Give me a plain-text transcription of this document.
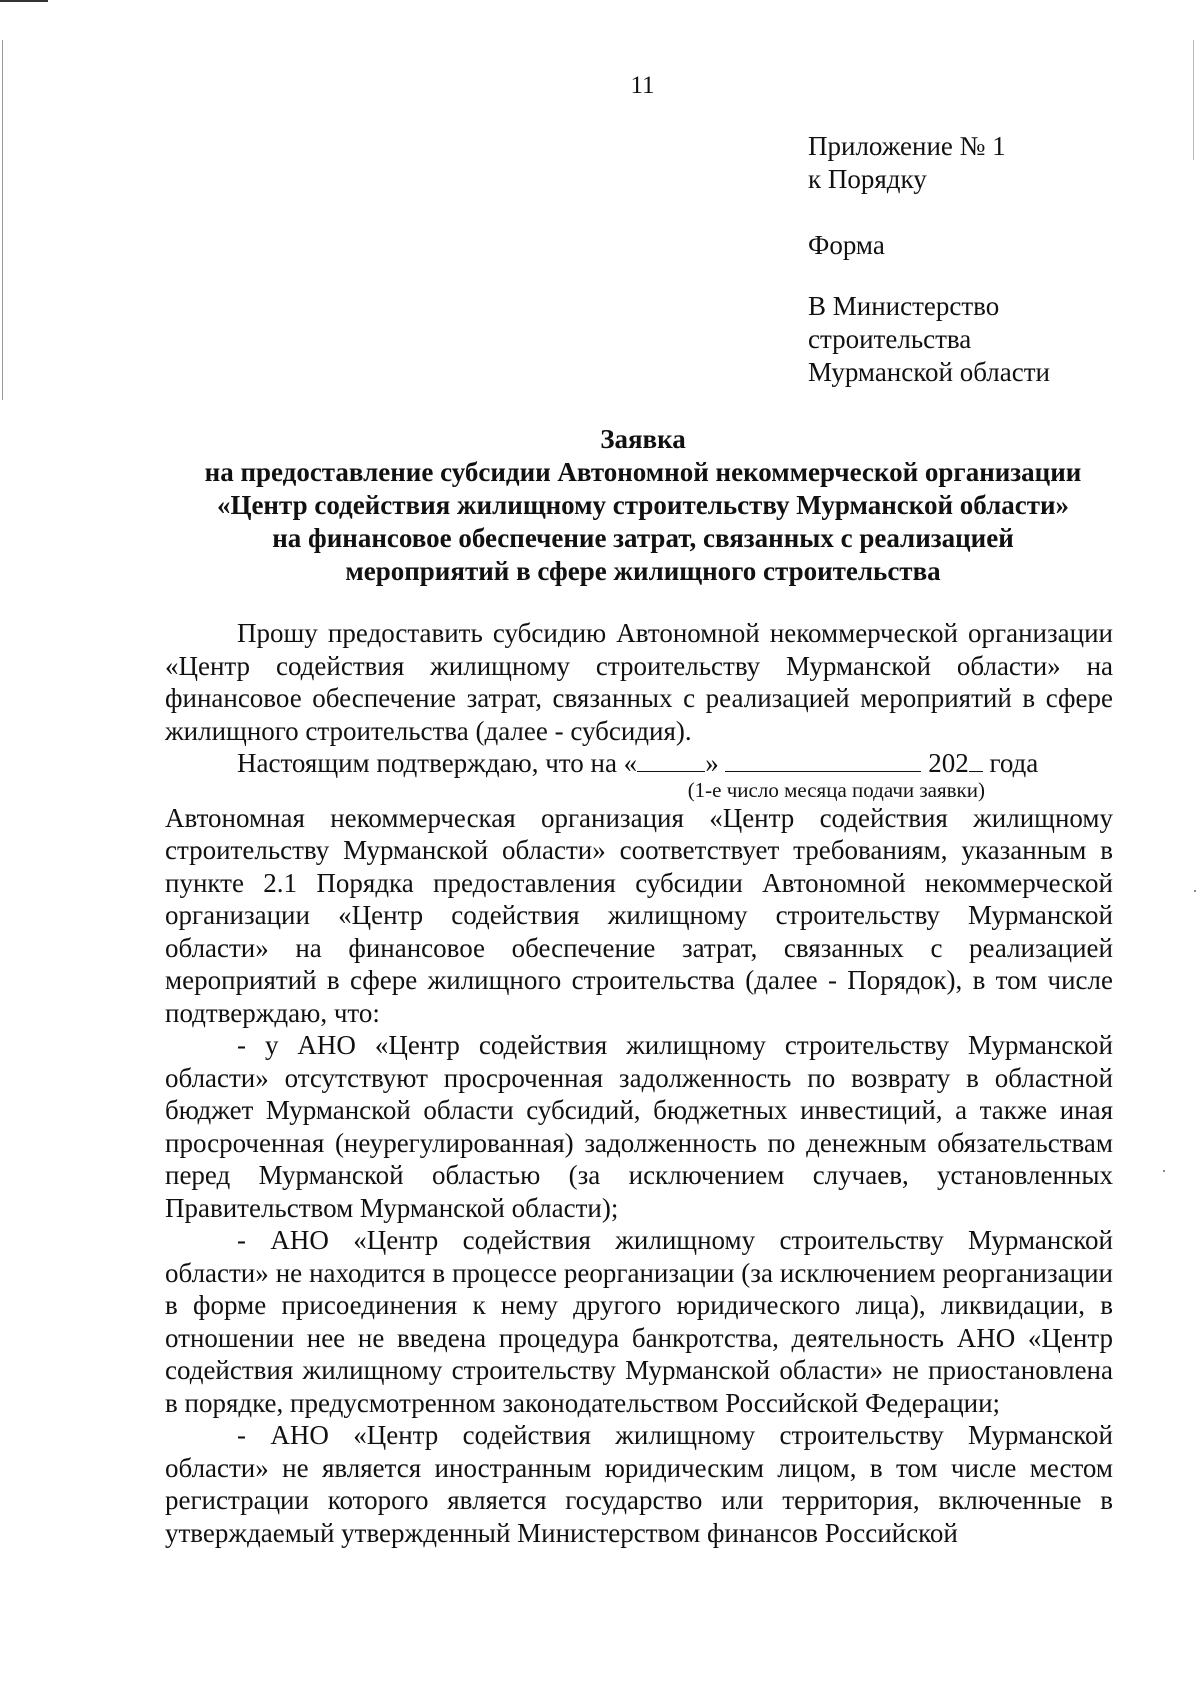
11
Приложение № 1
к Порядку
Форма
В Министерство
строительства
Мурманской области
Заявка
на предоставление субсидии Автономной некоммерческой организации
«Центр содействия жилищному строительству Мурманской области»
на финансовое обеспечение затрат, связанных с реализацией
мероприятий в сфере жилищного строительства

Прошу предоставить субсидию Автономной некоммерческой организации «Центр содействия жилищному строительству Мурманской области» на финансовое обеспечение затрат, связанных с реализацией мероприятий в сфере жилищного строительства (далее - субсидия).

Настоящим подтверждаю, что на «	»	202 года
(1-е число месяца подачи заявки)

Автономная некоммерческая организация «Центр содействия жилищному строительству Мурманской области» соответствует требованиям, указанным в пункте 2.1 Порядка предоставления субсидии Автономной некоммерческой организации «Центр содействия жилищному строительству Мурманской области» на финансовое обеспечение затрат, связанных с реализацией мероприятий в сфере жилищного строительства (далее - Порядок), в том числе подтверждаю, что:

- у АНО «Центр содействия жилищному строительству Мурманской области» отсутствуют просроченная задолженность по возврату в областной бюджет Мурманской области субсидий, бюджетных инвестиций, а также иная просроченная (неурегулированная) задолженность по денежным обязательствам перед Мурманской областью (за исключением случаев, установленных Правительством Мурманской области);

- АНО «Центр содействия жилищному строительству Мурманской области» не находится в процессе реорганизации (за исключением реорганизации в форме присоединения к нему другого юридического лица), ликвидации, в отношении нее не введена процедура банкротства, деятельность АНО «Центр содействия жилищному строительству Мурманской области» не приостановлена в порядке, предусмотренном законодательством Российской Федерации;

- АНО «Центр содействия жилищному строительству Мурманской области» не является иностранным юридическим лицом, в том числе местом регистрации которого является государство или территория, включенные в утверждаемый утвержденный Министерством финансов Российской
